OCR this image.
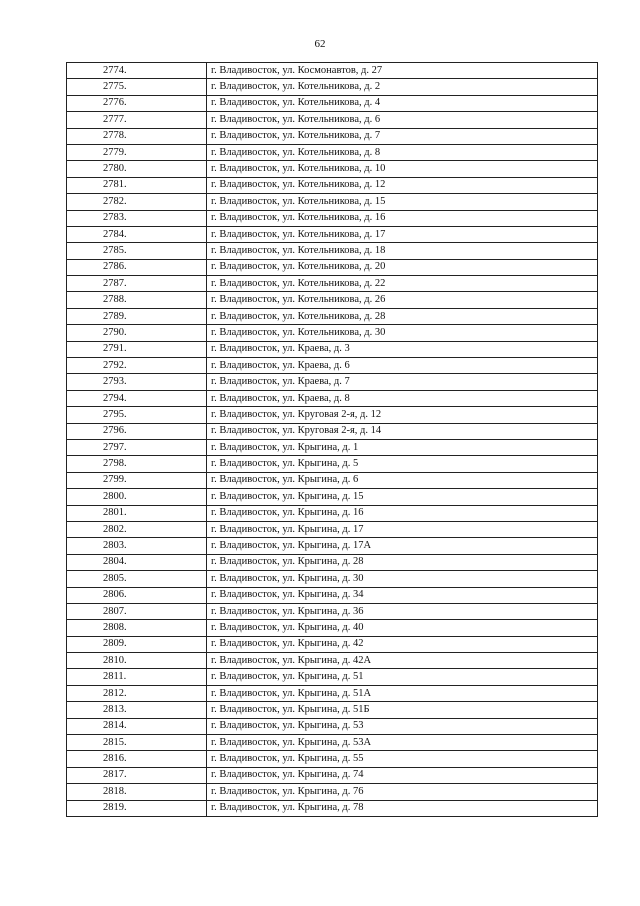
62
2774.	г. Владивосток, ул. Космонавтов, д. 27
2775.	г. Владивосток, ул. Котельникова, д. 2
2776.	г. Владивосток, ул. Котельникова, д. 4
2777.	г. Владивосток, ул. Котельникова, д. 6
2778.	г. Владивосток, ул. Котельникова, д. 7
2779.	г. Владивосток, ул. Котельникова, д. 8
2780.	г. Владивосток, ул. Котельникова, д. 10
2781.	г. Владивосток, ул. Котельникова, д. 12
2782.	г. Владивосток, ул. Котельникова, д. 15
2783.	г. Владивосток, ул. Котельникова, д. 16
2784.	г. Владивосток, ул. Котельникова, д. 17
2785.	г. Владивосток, ул. Котельникова, д. 18
2786.	г. Владивосток, ул. Котельникова, д. 20
2787.	г. Владивосток, ул. Котельникова, д. 22
2788.	г. Владивосток, ул. Котельникова, д. 26
2789.	г. Владивосток, ул. Котельникова, д. 28
2790.	г. Владивосток, ул. Котельникова, д. 30
2791.	г. Владивосток, ул. Краева, д. 3
2792.	г. Владивосток, ул. Краева, д. 6
2793.	г. Владивосток, ул. Краева, д. 7
2794.	г. Владивосток, ул. Краева, д. 8
2795.	г. Владивосток, ул. Круговая 2-я, д. 12
2796.	г. Владивосток, ул. Круговая 2-я, д. 14
2797.	г. Владивосток, ул. Крыгина, д. 1
2798.	г. Владивосток, ул. Крыгина, д. 5
2799.	г. Владивосток, ул. Крыгина, д. 6
2800.	г. Владивосток, ул. Крыгина, д. 15
2801.	г. Владивосток, ул. Крыгина, д. 16
2802.	г. Владивосток, ул. Крыгина, д. 17
2803.	г. Владивосток, ул. Крыгина, д. 17А
2804.	г. Владивосток, ул. Крыгина, д. 28
2805.	г. Владивосток, ул. Крыгина, д. 30
2806.	г. Владивосток, ул. Крыгина, д. 34
2807.	г. Владивосток, ул. Крыгина, д. 36
2808.	г. Владивосток, ул. Крыгина, д. 40
2809.	г. Владивосток, ул. Крыгина, д. 42
2810.	г. Владивосток, ул. Крыгина, д. 42А
2811.	г. Владивосток, ул. Крыгина, д. 51
2812.	г. Владивосток, ул. Крыгина, д. 51А
2813.	г. Владивосток, ул. Крыгина, д. 51Б
2814.	г. Владивосток, ул. Крыгина, д. 53
2815.	г. Владивосток, ул. Крыгина, д. 53А
2816.	г. Владивосток, ул. Крыгина, д. 55
2817.	г. Владивосток, ул. Крыгина, д. 74
2818.	г. Владивосток, ул. Крыгина, д. 76
2819.	г. Владивосток, ул. Крыгина, д. 78
